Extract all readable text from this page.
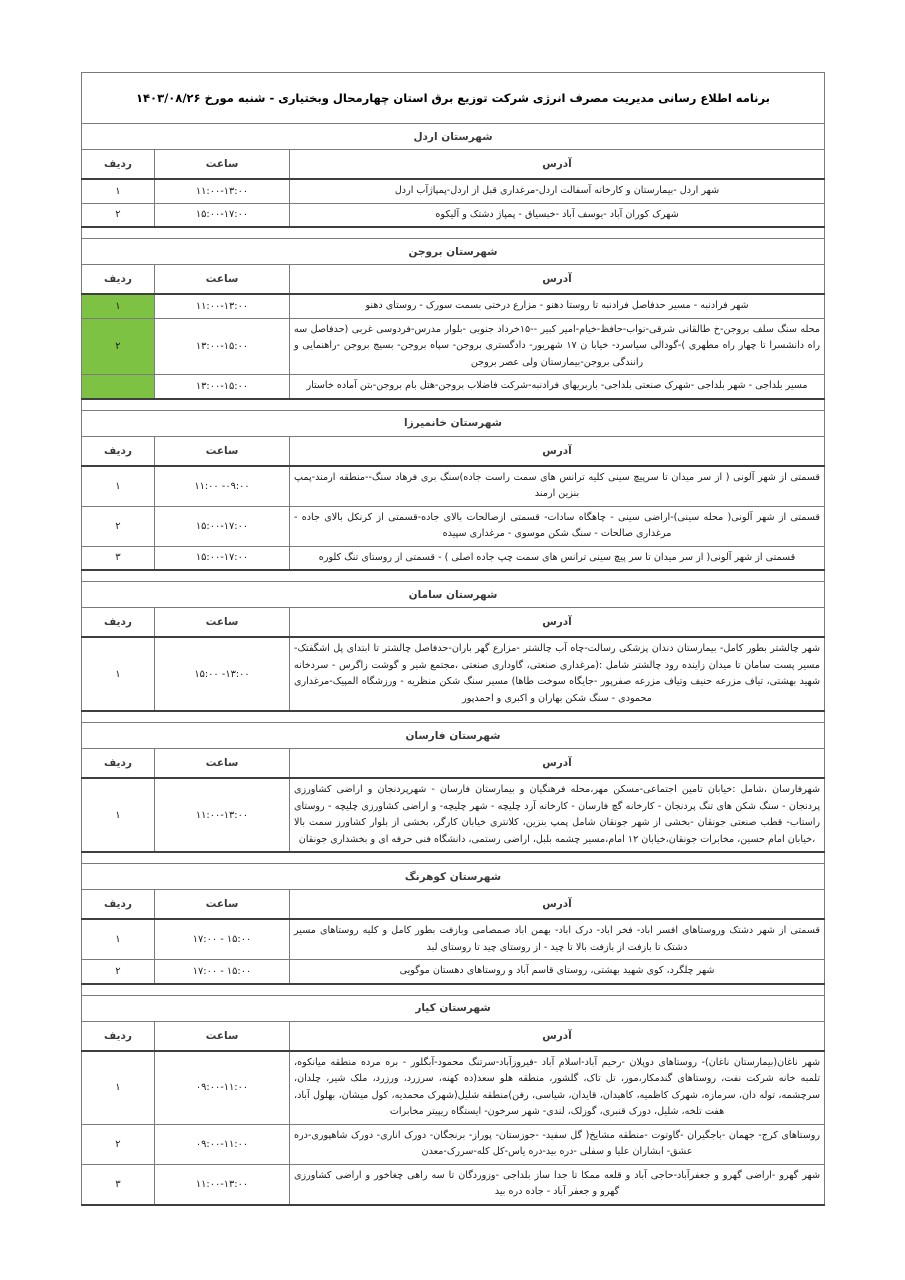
برنامه اطلاع رسانی مدیریت مصرف انرژی شرکت توزیع برق استان چهارمحال وبختیاری - شنبه مورخ ۱۴۰۳/۰۸/۲۶		
شهرستان اردل		
آدرس	ساعت	ردیف
شهر اردل -بیمارستان و کارخانه آسفالت اردل-مرغداری قبل از اردل-پمپاژآب اردل	۱۱:۰۰-۱۳:۰۰	۱
شهرک کوران آباد -یوسف آباد -خبسیاق - پمپاژ دشتک و آلیکوه	۱۵:۰۰-۱۷:۰۰	۲

شهرستان بروجن		
آدرس	ساعت	ردیف
شهر فرادنبه - مسیر حدفاصل فرادنبه تا روستا دهنو - مزارع درختی بسمت سورک - روستای دهنو	۱۱:۰۰-۱۳:۰۰	۱
محله سنگ سلف بروجن-خ طالقانی شرقی-نواب-حافظ-خیام-امیر کبیر --۱۵خرداد جنوبی -بلوار مدرس-فردوسی غربی (حدفاصل سه راه دانشسرا تا چهار راه مطهری )-گودالی سیاسرد- خیابا ن ۱۷ شهریور- دادگستری بروجن- سپاه بروجن- بسیج بروجن -راهنمایی و رانندگی بروجن-بیمارستان ولی عصر بروجن	۱۳:۰۰-۱۵:۰۰	۲
مسیر بلداجی - شهر بلداجی -شهرک صنعتی بلداجی- باربریهای فرادنبه-شرکت فاضلاب بروجن-هتل بام بروجن-بتن آماده خاستار	۱۳:۰۰-۱۵:۰۰	

شهرستان خانمیرزا		
آدرس	ساعت	ردیف
قسمتی از شهر آلونی ( از سر میدان تا سرپیچ سینی کلیه ترانس های سمت راست جاده)سنگ بری فرهاد سنگ--منطقه ارمند-پمپ بنزین ارمند	۰۹:۰۰- ۱۱:۰۰	۱
قسمتی از شهر آلونی( محله سینی)-اراضی سینی - چاهگاه سادات- قسمتی ازصالحات بالای جاده-قسمتی از کرنکل بالای جاده - مرغداری صالحات - سنگ شکن موسوی - مرغداری سپیده	۱۵:۰۰-۱۷:۰۰	۲
قسمتی از شهر آلونی( از سر میدان تا سر پیچ سینی ترانس های سمت چپ جاده اصلی ) - قسمتی از روستای تنگ کلوره	۱۵:۰۰-۱۷:۰۰	۳

شهرستان سامان		
آدرس	ساعت	ردیف
شهر چالشتر بطور کامل- بیمارستان دندان پزشکی رسالت-چاه آب چالشتر -مزارع گهر باران-حدفاصل چالشتر تا ابتدای پل اشگفتک- مسیر پست سامان تا میدان زاینده رود چالشتر شامل :(مرغداری صنعتی، گاوداری صنعتی ،مجتمع شیر و گوشت زاگرس - سردخانه شهید بهشتی، تیاف مزرعه حنیف وتیاف مزرعه صفرپور -جایگاه سوخت طاها) مسیر سنگ شکن منظریه - ورزشگاه المپیک-مرغداری محمودی - سنگ شکن بهاران و اکبری و احمدپور	۱۳:۰۰- ۱۵:۰۰	۱

شهرستان فارسان		
آدرس	ساعت	ردیف
شهرفارسان ،شامل :خیابان تامین اجتماعی-مسکن مهر،محله فرهنگیان و بیمارستان فارسان - شهرپردنجان و اراضی کشاورزی پردنجان - سنگ شکن های تنگ پردنجان - کارخانه گچ فارسان - کارخانه آرد چلیچه - شهر چلیچه- و اراضی کشاورزی چلیچه - روستای راستاب- قطب صنعتی جونقان -بخشی از شهر جونقان شامل پمپ بنزین، کلانتری خیابان کارگر، بخشی از بلوار کشاورز سمت بالا ،خیابان امام حسین، مخابرات جونقان،خیابان ۱۲ امام،مسیر چشمه بلبل، اراضی رستمی، دانشگاه فنی حرفه ای و بخشداری جونقان	۱۱:۰۰-۱۳:۰۰	۱

شهرستان کوهرنگ		
آدرس	ساعت	ردیف
قسمتی از شهر دشتک وروستاهای افسر اباد- فخر اباد- درک اباد- بهمن اباد صمصامی وبازفت بطور کامل و کلیه روستاهای مسیر دشتک تا بازفت از بازفت بالا تا چید - از روستای چید تا روستای لبد	۱۵:۰۰ - ۱۷:۰۰	۱
شهر چلگرد، کوی شهید بهشتی، روستای قاسم آباد و روستاهای دهستان موگویی	۱۵:۰۰ - ۱۷:۰۰	۲

شهرستان کیار		
آدرس	ساعت	ردیف
شهر ناغان(بیمارستان ناغان)- روستاهای دوپلان -رحیم آباد-اسلام آباد -فیروزآباد-سرتنگ محمود-آبگلور - بره مرده منطقه میانکوه، تلمبه خانه شرکت نفت، روستاهای گندمکار،مور، تل تاک، گلشور، منطقه هلو سعد(ده کهنه، سرزرد، ورزرد، ملک شیر، چلدان، سرچشمه، توله دان، سرمازه، شهرک کاظمیه، کاهیدان، قایدان، شیاسی، رفن)منطقه شلیل(شهرک محمدیه، کول میشان، بهلول آباد، هفت تلخه، شلیل، دورک قنبری، گوزلک، لندی- شهر سرخون- ایستگاه ریپیتر مخابرات	۰۹:۰۰-۱۱:۰۰	۱
روستاهای کرج- جهمان -باجگیران -گاوتوت -منطقه مشایخ( گل سفید- -جوزستان- پوراز- برنجگان- دورک اناری- دورک شاهپوری-دره عشق- ابشاران علیا و سفلی -دره بید-دره یاس-کل کله-سررک-معدن	۰۹:۰۰-۱۱:۰۰	۲
شهر گهرو -اراضی گهرو و جعفرآباد-حاجی آباد و قلعه ممکا تا جدا ساز بلداجی -وزوردگان تا سه راهی چغاخور و اراضی کشاورزی گهرو و جعفر آباد - جاده دره بید	۱۱:۰۰-۱۳:۰۰	۳
